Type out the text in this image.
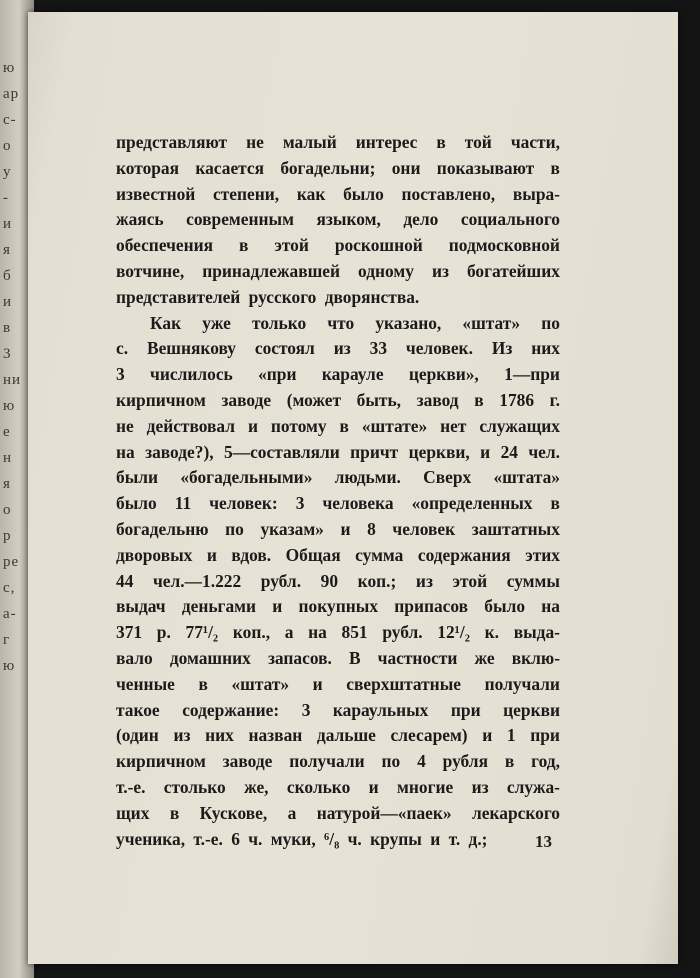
ю
ар
с-
о
у
-
и
я
б
и
в
3
ни
ю
е
н
я
о
р
ре
с,
а-
г
ю
представляют не малый интерес в той части,
которая касается богадельни; они показывают в
известной степени, как было поставлено, выра-
жаясь современным языком, дело социального
обеспечения в этой роскошной подмосковной
вотчине, принадлежавшей одному из богатейших
представителей русского дворянства.
Как уже только что указано, «штат» по
с. Вешнякову состоял из 33 человек. Из них
3 числилось «при карауле церкви», 1—при
кирпичном заводе (может быть, завод в 1786 г.
не действовал и потому в «штате» нет служащих
на заводе?), 5—составляли причт церкви, и 24 чел.
были «богадельными» людьми. Сверх «штата»
было 11 человек: 3 человека «определенных в
богадельню по указам» и 8 человек заштатных
дворовых и вдов. Общая сумма содержания этих
44 чел.—1.222 рубл. 90 коп.; из этой суммы
выдач деньгами и покупных припасов было на
371 р. 77¹/₂ коп., а на 851 рубл. 12¹/₂ к. выда-
вало домашних запасов. В частности же вклю-
ченные в «штат» и сверхштатные получали
такое содержание: 3 караульных при церкви
(один из них назван дальше слесарем) и 1 при
кирпичном заводе получали по 4 рубля в год,
т.-е. столько же, сколько и многие из служа-
щих в Кускове, а натурой—«паек» лекарского
ученика, т.-е. 6 ч. муки, ⁶/₈ ч. крупы и т. д.;	13
